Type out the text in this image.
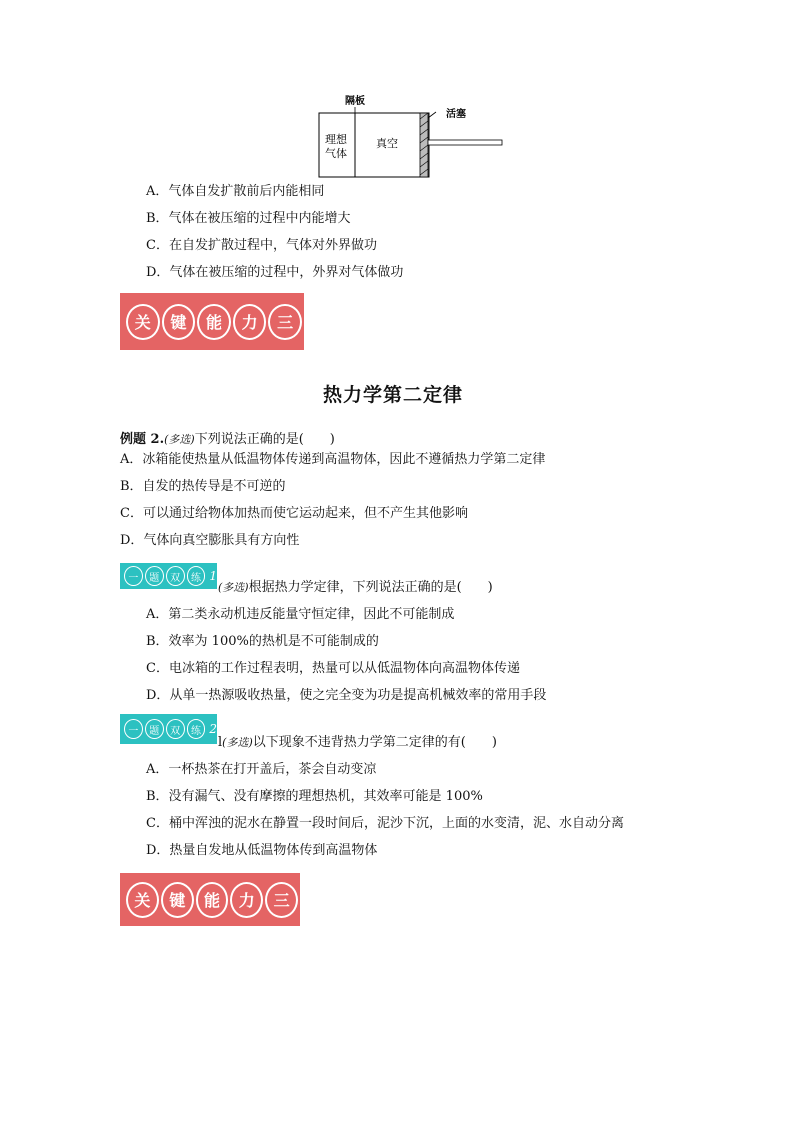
隔板
活塞
理想
气体
真空
A．气体自发扩散前后内能相同
B．气体在被压缩的过程中内能增大
C．在自发扩散过程中，气体对外界做功
D．气体在被压缩的过程中，外界对气体做功
关	键	能	力	三
热力学第二定律
例题 2.(多选)下列说法正确的是(　　)
A．冰箱能使热量从低温物体传递到高温物体，因此不遵循热力学第二定律
B．自发的热传导是不可逆的
C．可以通过给物体加热而使它运动起来，但不产生其他影响
D．气体向真空膨胀具有方向性
一	题	双	练 1
(多选)根据热力学定律，下列说法正确的是(　　)
A．第二类永动机违反能量守恒定律，因此不可能制成
B．效率为 100%的热机是不可能制成的
C．电冰箱的工作过程表明，热量可以从低温物体向高温物体传递
D．从单一热源吸收热量，使之完全变为功是提高机械效率的常用手段
一	题	双	练 2
l(多选)以下现象不违背热力学第二定律的有(　　)
A．一杯热茶在打开盖后，茶会自动变凉
B．没有漏气、没有摩擦的理想热机，其效率可能是 100%
C．桶中浑浊的泥水在静置一段时间后，泥沙下沉，上面的水变清，泥、水自动分离
D．热量自发地从低温物体传到高温物体
关	键	能	力	三
